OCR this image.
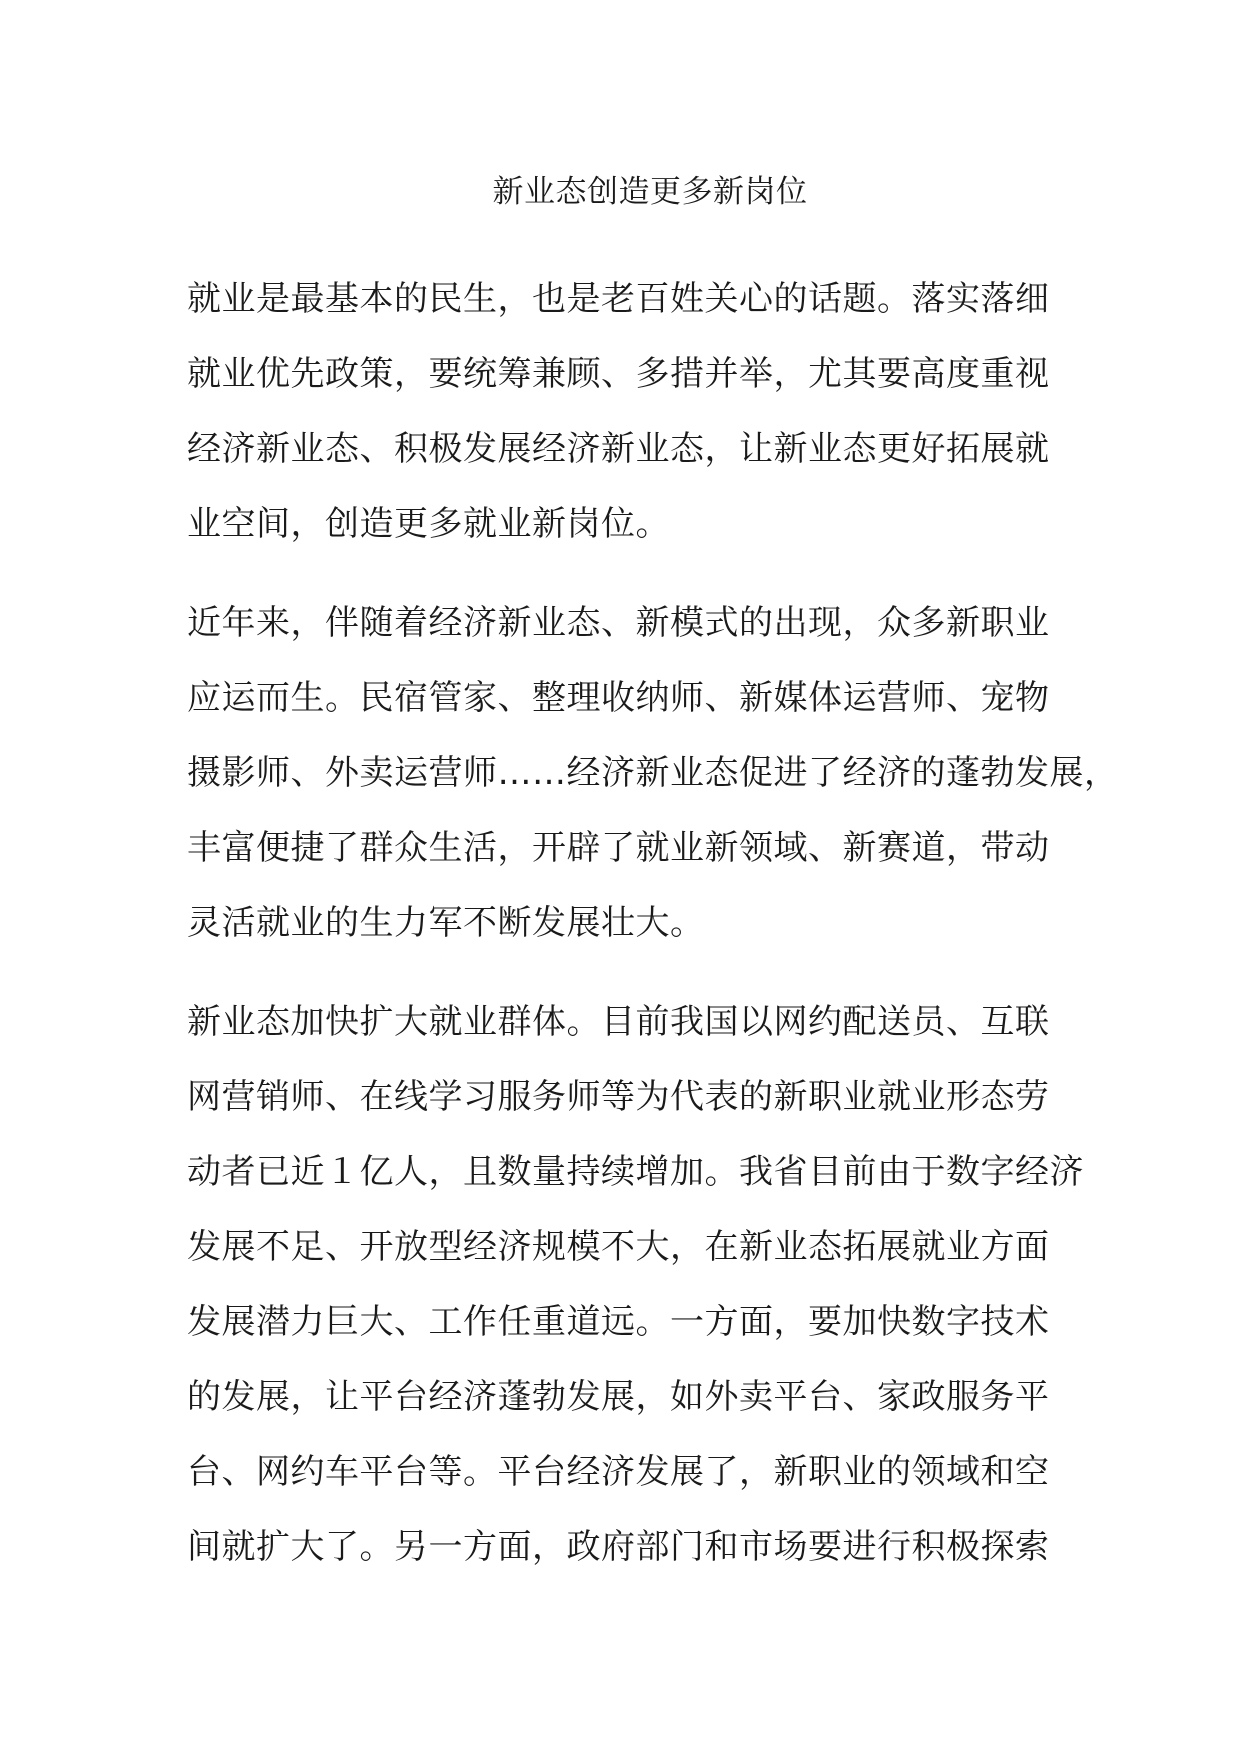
新业态创造更多新岗位

就业是最基本的民生，也是老百姓关心的话题。落实落细
就业优先政策，要统筹兼顾、多措并举，尤其要高度重视
经济新业态、积极发展经济新业态，让新业态更好拓展就
业空间，创造更多就业新岗位。

近年来，伴随着经济新业态、新模式的出现，众多新职业
应运而生。民宿管家、整理收纳师、新媒体运营师、宠物
摄影师、外卖运营师……经济新业态促进了经济的蓬勃发展，
丰富便捷了群众生活，开辟了就业新领域、新赛道，带动
灵活就业的生力军不断发展壮大。

新业态加快扩大就业群体。目前我国以网约配送员、互联
网营销师、在线学习服务师等为代表的新职业就业形态劳
动者已近１亿人，且数量持续增加。我省目前由于数字经济
发展不足、开放型经济规模不大，在新业态拓展就业方面
发展潜力巨大、工作任重道远。一方面，要加快数字技术
的发展，让平台经济蓬勃发展，如外卖平台、家政服务平
台、网约车平台等。平台经济发展了，新职业的领域和空
间就扩大了。另一方面，政府部门和市场要进行积极探索
